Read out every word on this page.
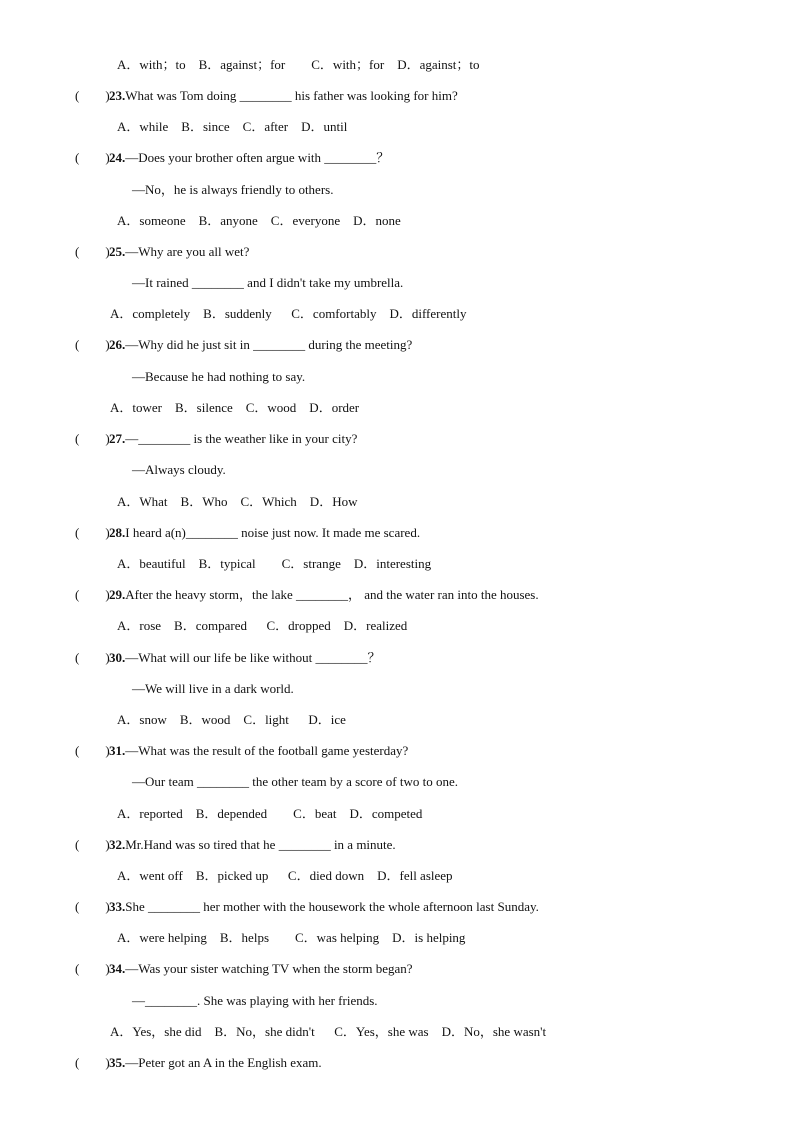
A．with；to    B．against；for        C．with；for    D．against；to
(        ) 23.What was Tom doing ________ his father was looking for him?
A．while    B．since    C．after    D．until
(        ) 24.—Does your brother often argue with ________？
—No，he is always friendly to others.
A．someone    B．anyone    C．everyone    D．none
(        ) 25.—Why are you all wet?
—It rained ________ and I didn't take my umbrella.
A．completely    B．suddenly      C．comfortably    D．differently
(        ) 26.—Why did he just sit in ________ during the meeting?
—Because he had nothing to say.
A．tower    B．silence    C．wood    D．order
(        ) 27.—________ is the weather like in your city?
—Always cloudy.
A．What    B．Who    C．Which    D．How
(        ) 28.I heard a(n)________ noise just now. It made me scared.
A．beautiful    B．typical        C．strange    D．interesting
(        ) 29.After the heavy storm，the lake ________， and the water ran into the houses.
A．rose    B．compared      C．dropped    D．realized
(        ) 30.—What will our life be like without ________？
—We will live in a dark world.
A．snow    B．wood    C．light      D．ice
(        ) 31.—What was the result of the football game yesterday?
—Our team ________ the other team by a score of two to one.
A．reported    B．depended        C．beat    D．competed
(        ) 32.Mr.Hand was so tired that he ________ in a minute.
A．went off    B．picked up      C．died down    D．fell asleep
(        ) 33.She ________ her mother with the housework the whole afternoon last Sunday.
A．were helping    B．helps        C．was helping    D．is helping
(        ) 34.—Was your sister watching TV when the storm began?
—________. She was playing with her friends.
A．Yes，she did    B．No，she didn't      C．Yes，she was    D．No，she wasn't
(        ) 35.—Peter got an A in the English exam.
